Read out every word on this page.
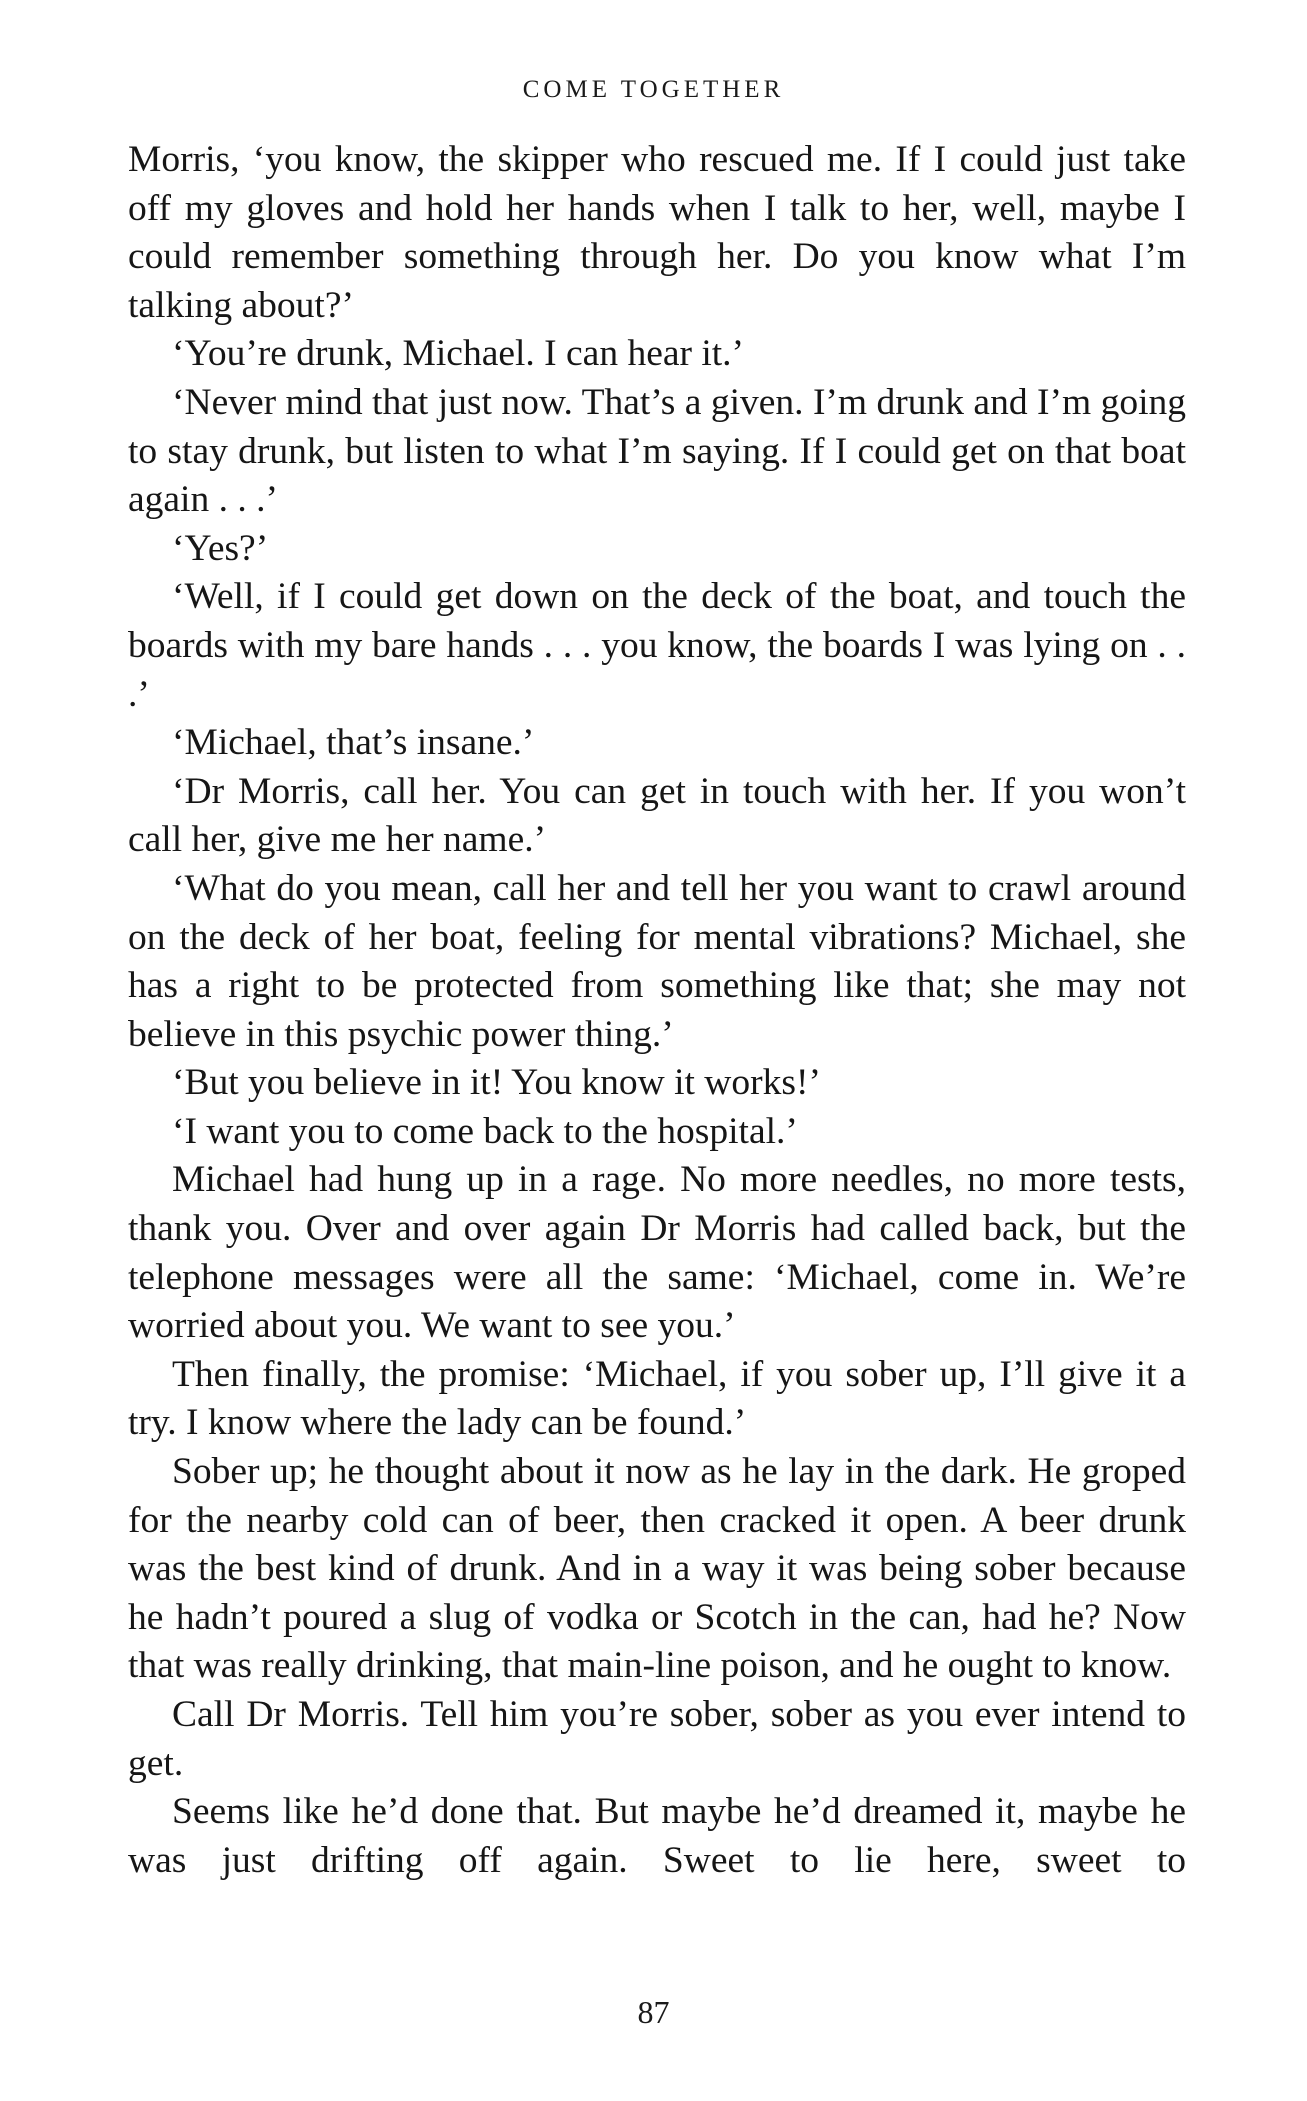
COME TOGETHER

Morris, ‘you know, the skipper who rescued me. If I could just take off my gloves and hold her hands when I talk to her, well, maybe I could remember something through her. Do you know what I’m talking about?’

‘You’re drunk, Michael. I can hear it.’

‘Never mind that just now. That’s a given. I’m drunk and I’m going to stay drunk, but listen to what I’m saying. If I could get on that boat again . . .’

‘Yes?’

‘Well, if I could get down on the deck of the boat, and touch the boards with my bare hands . . . you know, the boards I was lying on . . .’

‘Michael, that’s insane.’

‘Dr Morris, call her. You can get in touch with her. If you won’t call her, give me her name.’

‘What do you mean, call her and tell her you want to crawl around on the deck of her boat, feeling for mental vibrations? Michael, she has a right to be protected from something like that; she may not believe in this psychic power thing.’

‘But you believe in it! You know it works!’

‘I want you to come back to the hospital.’

Michael had hung up in a rage. No more needles, no more tests, thank you. Over and over again Dr Morris had called back, but the telephone messages were all the same: ‘Michael, come in. We’re worried about you. We want to see you.’

Then finally, the promise: ‘Michael, if you sober up, I’ll give it a try. I know where the lady can be found.’

Sober up; he thought about it now as he lay in the dark. He groped for the nearby cold can of beer, then cracked it open. A beer drunk was the best kind of drunk. And in a way it was being sober because he hadn’t poured a slug of vodka or Scotch in the can, had he? Now that was really drinking, that main-line poison, and he ought to know.

Call Dr Morris. Tell him you’re sober, sober as you ever intend to get.

Seems like he’d done that. But maybe he’d dreamed it, maybe he was just drifting off again. Sweet to lie here, sweet to

87
